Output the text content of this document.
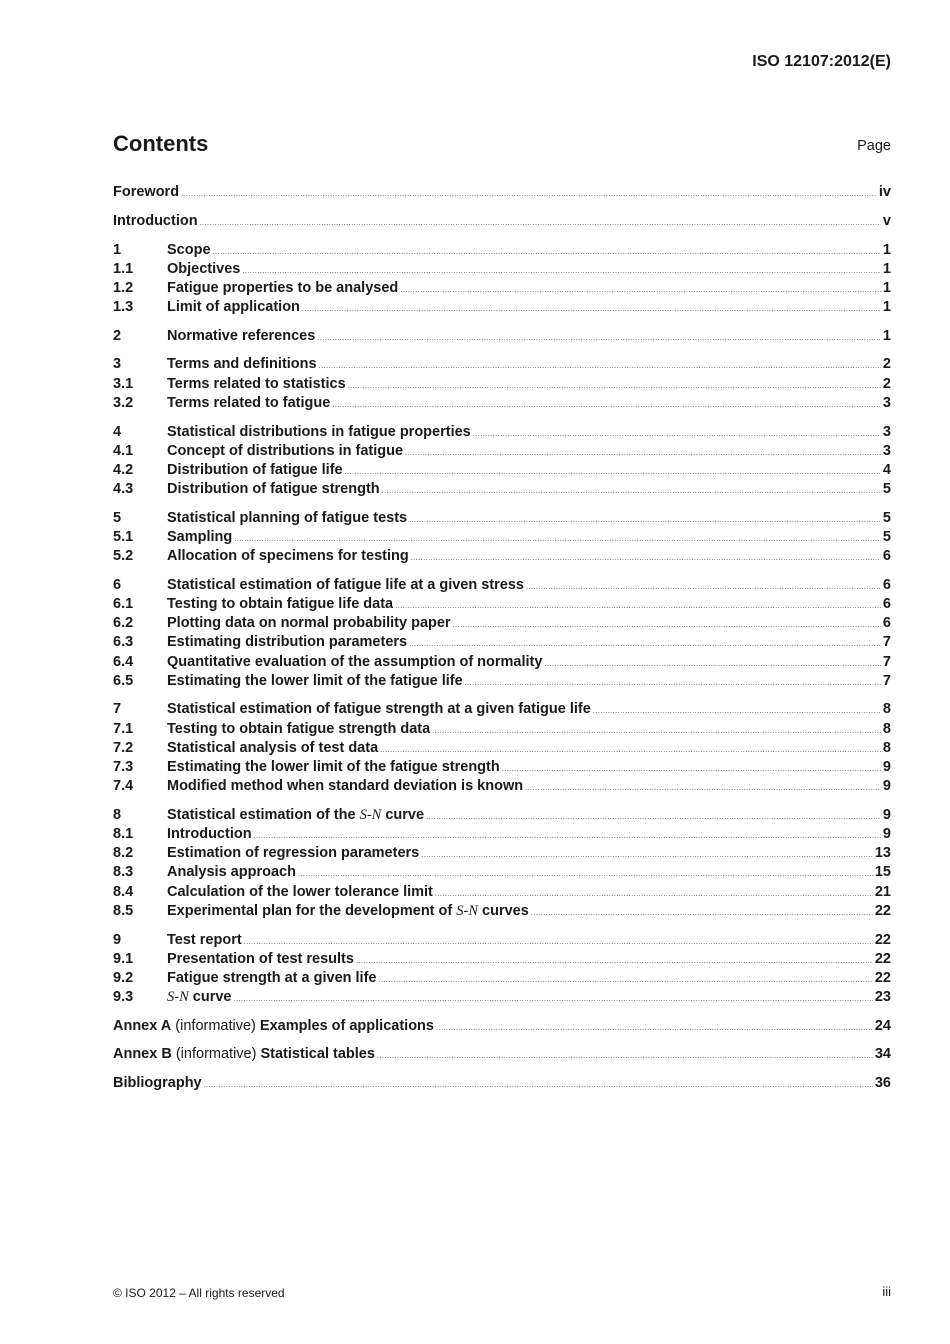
ISO 12107:2012(E)
Contents	Page
Foreword .....	iv
Introduction .....	v
1	Scope .....	1
1.1	Objectives .....	1
1.2	Fatigue properties to be analysed .....	1
1.3	Limit of application .....	1
2	Normative references .....	1
3	Terms and definitions .....	2
3.1	Terms related to statistics .....	2
3.2	Terms related to fatigue .....	3
4	Statistical distributions in fatigue properties .....	3
4.1	Concept of distributions in fatigue .....	3
4.2	Distribution of fatigue life .....	4
4.3	Distribution of fatigue strength .....	5
5	Statistical planning of fatigue tests .....	5
5.1	Sampling .....	5
5.2	Allocation of specimens for testing .....	6
6	Statistical estimation of fatigue life at a given stress .....	6
6.1	Testing to obtain fatigue life data .....	6
6.2	Plotting data on normal probability paper .....	6
6.3	Estimating distribution parameters .....	7
6.4	Quantitative evaluation of the assumption of normality .....	7
6.5	Estimating the lower limit of the fatigue life .....	7
7	Statistical estimation of fatigue strength at a given fatigue life .....	8
7.1	Testing to obtain fatigue strength data .....	8
7.2	Statistical analysis of test data .....	8
7.3	Estimating the lower limit of the fatigue strength .....	9
7.4	Modified method when standard deviation is known .....	9
8	Statistical estimation of the S-N curve .....	9
8.1	Introduction .....	9
8.2	Estimation of regression parameters .....	13
8.3	Analysis approach .....	15
8.4	Calculation of the lower tolerance limit .....	21
8.5	Experimental plan for the development of S-N curves .....	22
9	Test report .....	22
9.1	Presentation of test results .....	22
9.2	Fatigue strength at a given life .....	22
9.3	S-N curve .....	23
Annex A (informative) Examples of applications .....	24
Annex B (informative) Statistical tables .....	34
Bibliography .....	36
© ISO 2012 – All rights reserved	iii
